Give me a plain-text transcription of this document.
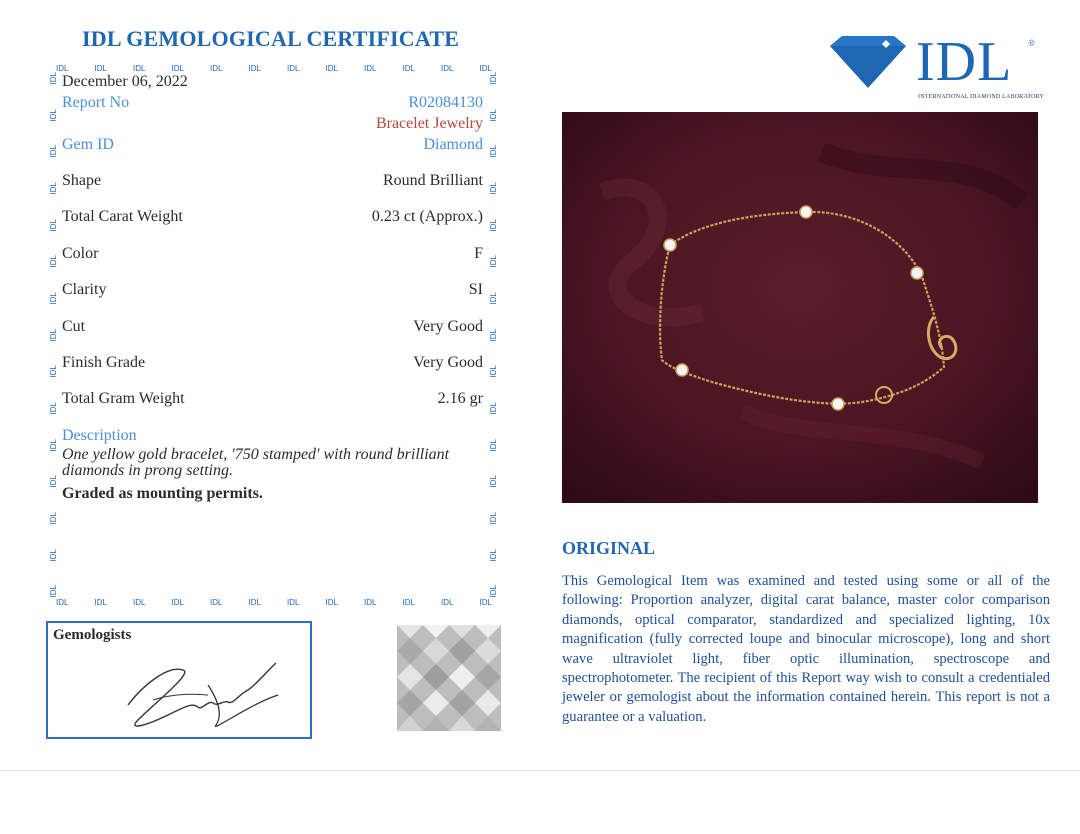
IDL GEMOLOGICAL CERTIFICATE
IDL	IDL	IDL	IDL	IDL	IDL	IDL	IDL	IDL	IDL	IDL	IDL
IDL	IDL	IDL	IDL	IDL	IDL	IDL	IDL	IDL	IDL	IDL	IDL
IDL
IDL
IDL
IDL
IDL
IDL
IDL
IDL
IDL
IDL
IDL
IDL
IDL
IDL
IDL
IDL
IDL
IDL
IDL
IDL
IDL
IDL
IDL
IDL
IDL
IDL
IDL
IDL
IDL
IDL
December 06, 2022
Report No	R02084130
Bracelet Jewelry
Gem ID	Diamond
Shape	Round Brilliant
Total Carat Weight	0.23 ct (Approx.)
Color	F
Clarity	SI
Cut	Very Good
Finish Grade	Very Good
Total Gram Weight	2.16 gr
Description
One yellow gold bracelet, '750 stamped' with round brilliant diamonds in prong setting.
Graded as mounting permits.
Gemologists
IDL ®
INTERNATIONAL DIAMOND LABORATORY
ORIGINAL
This Gemological Item was examined and tested using some or all of the following: Proportion analyzer, digital carat balance, master color comparison diamonds, optical comparator, standardized and specialized lighting, 10x magnification (fully corrected loupe and binocular microscope), long and short wave ultraviolet light, fiber optic illumination, spectroscope and spectrophotometer. The recipient of this Report way wish to consult a credentialed jeweler or gemologist about the information contained herein. This report is not a guarantee or a valuation.
